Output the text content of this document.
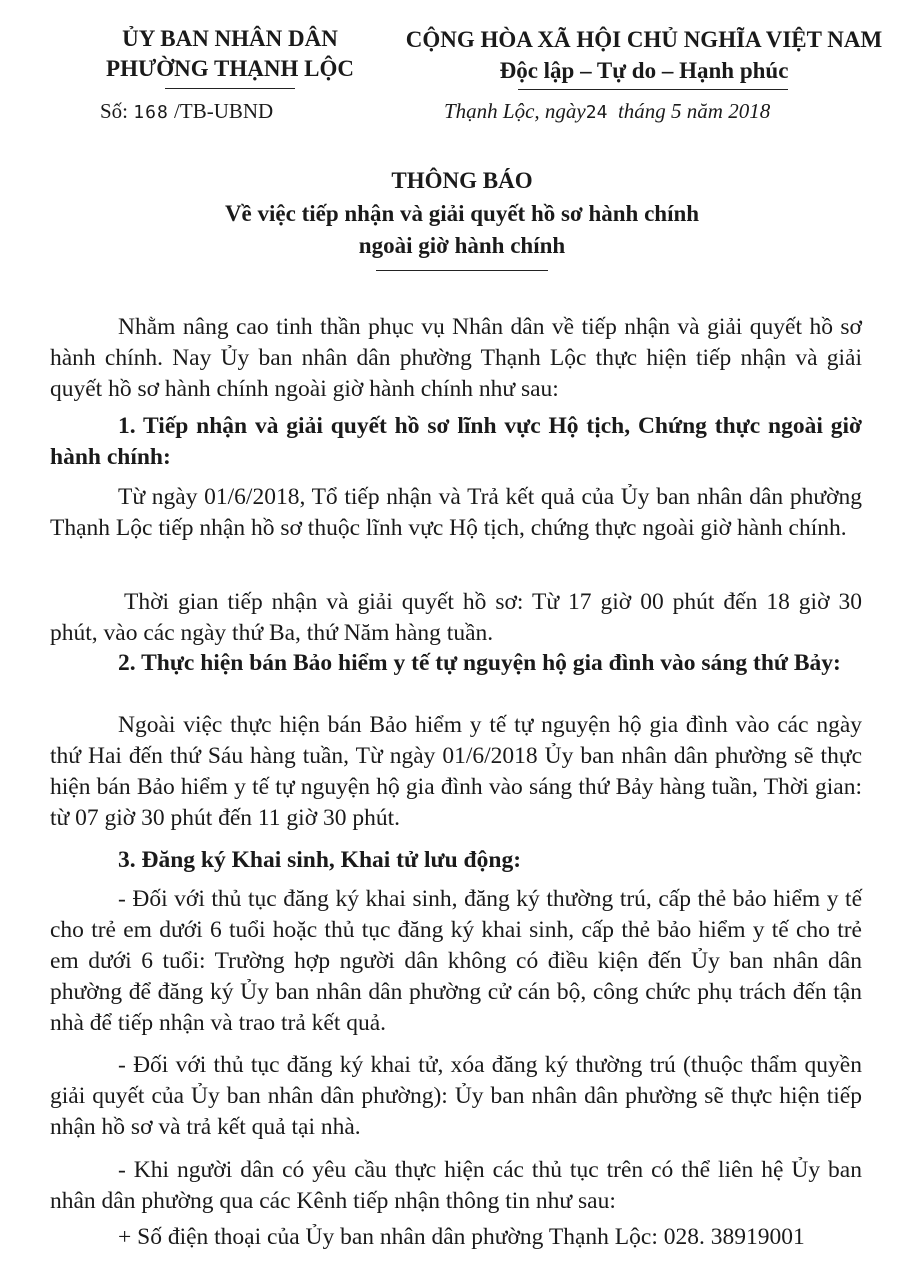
ỦY BAN NHÂN DÂN
PHƯỜNG THẠNH LỘC
Số: 168 /TB-UBND
CỘNG HÒA XÃ HỘI CHỦ NGHĨA VIỆT NAM
Độc lập – Tự do – Hạnh phúc
Thạnh Lộc, ngày24 tháng 5 năm 2018
THÔNG BÁO
Về việc tiếp nhận và giải quyết hồ sơ hành chính
ngoài giờ hành chính
Nhằm nâng cao tinh thần phục vụ Nhân dân về tiếp nhận và giải quyết hồ sơ hành chính. Nay Ủy ban nhân dân phường Thạnh Lộc thực hiện tiếp nhận và giải quyết hồ sơ hành chính ngoài giờ hành chính như sau:
1. Tiếp nhận và giải quyết hồ sơ lĩnh vực Hộ tịch, Chứng thực ngoài giờ hành chính:
Từ ngày 01/6/2018, Tổ tiếp nhận và Trả kết quả của Ủy ban nhân dân phường Thạnh Lộc tiếp nhận hồ sơ thuộc lĩnh vực Hộ tịch, chứng thực ngoài giờ hành chính.
Thời gian tiếp nhận và giải quyết hồ sơ: Từ 17 giờ 00 phút đến 18 giờ 30 phút, vào các ngày thứ Ba, thứ Năm hàng tuần.
2. Thực hiện bán Bảo hiểm y tế tự nguyện hộ gia đình vào sáng thứ Bảy:
Ngoài việc thực hiện bán Bảo hiểm y tế tự nguyện hộ gia đình vào các ngày thứ Hai đến thứ Sáu hàng tuần, Từ ngày 01/6/2018 Ủy ban nhân dân phường sẽ thực hiện bán Bảo hiểm y tế tự nguyện hộ gia đình vào sáng thứ Bảy hàng tuần, Thời gian: từ 07 giờ 30 phút đến 11 giờ 30 phút.
3. Đăng ký Khai sinh, Khai tử lưu động:
- Đối với thủ tục đăng ký khai sinh, đăng ký thường trú, cấp thẻ bảo hiểm y tế cho trẻ em dưới 6 tuổi hoặc thủ tục đăng ký khai sinh, cấp thẻ bảo hiểm y tế cho trẻ em dưới 6 tuổi: Trường hợp người dân không có điều kiện đến Ủy ban nhân dân phường để đăng ký Ủy ban nhân dân phường cử cán bộ, công chức phụ trách đến tận nhà để tiếp nhận và trao trả kết quả.
- Đối với thủ tục đăng ký khai tử, xóa đăng ký thường trú (thuộc thẩm quyền giải quyết của Ủy ban nhân dân phường): Ủy ban nhân dân phường sẽ thực hiện tiếp nhận hồ sơ và trả kết quả tại nhà.
- Khi người dân có yêu cầu thực hiện các thủ tục trên có thể liên hệ Ủy ban nhân dân phường qua các Kênh tiếp nhận thông tin như sau:
+ Số điện thoại của Ủy ban nhân dân phường Thạnh Lộc: 028. 38919001
